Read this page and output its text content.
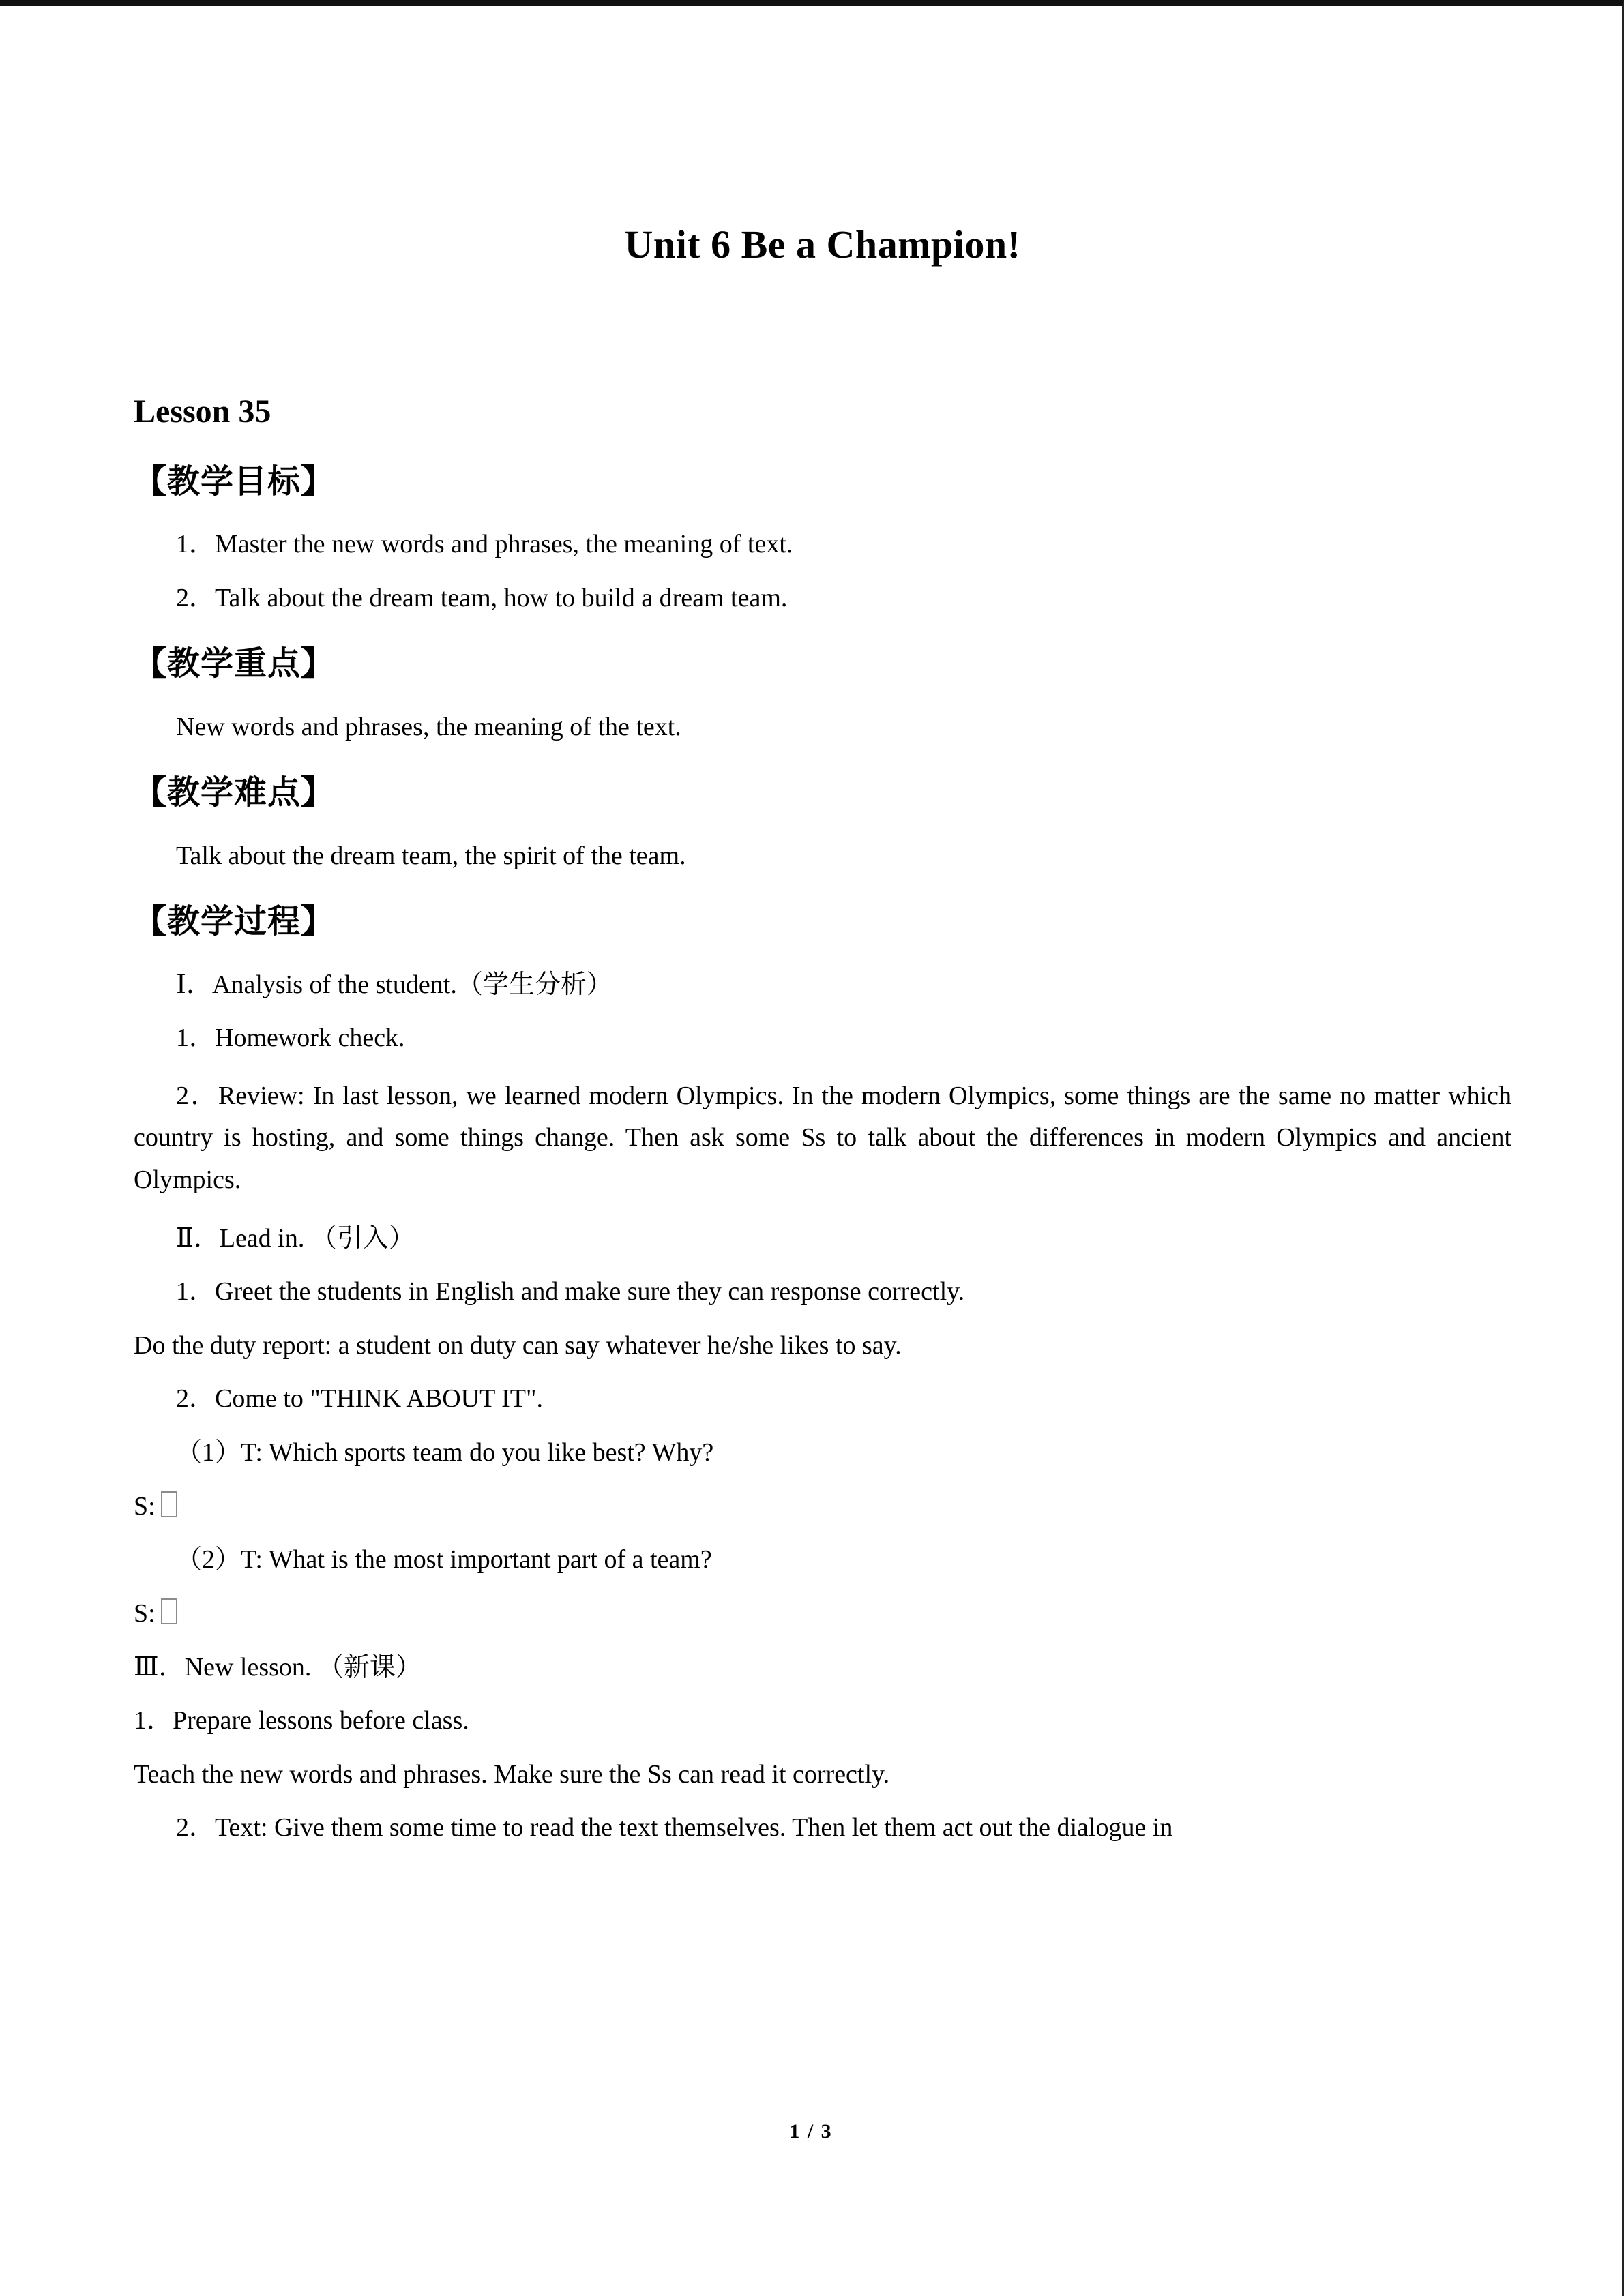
Unit 6 Be a Champion!
Lesson 35
【教学目标】

1．Master the new words and phrases, the meaning of text.

2．Talk about the dream team, how to build a dream team.

【教学重点】

New words and phrases, the meaning of the text.

【教学难点】

Talk about the dream team, the spirit of the team.

【教学过程】

Ⅰ．Analysis of the student.（学生分析）

1．Homework check.

2．Review: In last lesson, we learned modern Olympics. In the modern Olympics, some things are the same no matter which country is hosting, and some things change. Then ask some Ss to talk about the differences in modern Olympics and ancient Olympics.

Ⅱ．Lead in. （引入）

1．Greet the students in English and make sure they can response correctly.

Do the duty report: a student on duty can say whatever he/she likes to say.

2．Come to "THINK ABOUT IT".

（1）T: Which sports team do you like best? Why?

S:

（2）T: What is the most important part of a team?

S:

Ⅲ．New lesson. （新课）

1．Prepare lessons before class.

Teach the new words and phrases. Make sure the Ss can read it correctly.

2．Text: Give them some time to read the text themselves. Then let them act out the dialogue in

1 / 3
